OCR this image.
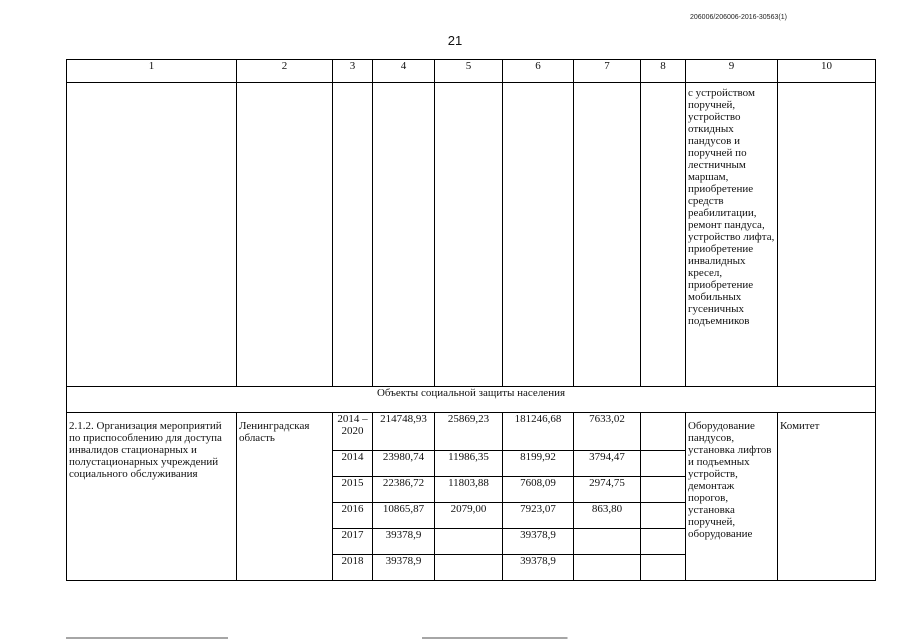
206006/206006-2016-30563(1)
21
1	2	3	4	5	6	7	8	9	10
								с устройством поручней, устройство откидных пандусов и поручней по лестничным маршам, приобретение средств реабилитации, ремонт пандуса, устройство лифта, приобретение инвалидных кресел, приобретение мобильных гусеничных подъемников	
Объекты социальной защиты населения									
2.1.2. Организация мероприятий по приспособлению для доступа инвалидов стационарных и полустационарных учреждений социального обслуживания	Ленинградская область	2014 – 2020	214748,93	25869,23	181246,68	7633,02		Оборудование пандусов, установка лифтов и подъемных устройств, демонтаж порогов, установка поручней, оборудование	Комитет
		2014	23980,74	11986,35	8199,92	3794,47			
		2015	22386,72	11803,88	7608,09	2974,75			
		2016	10865,87	2079,00	7923,07	863,80			
		2017	39378,9		39378,9				
		2018	39378,9		39378,9				
